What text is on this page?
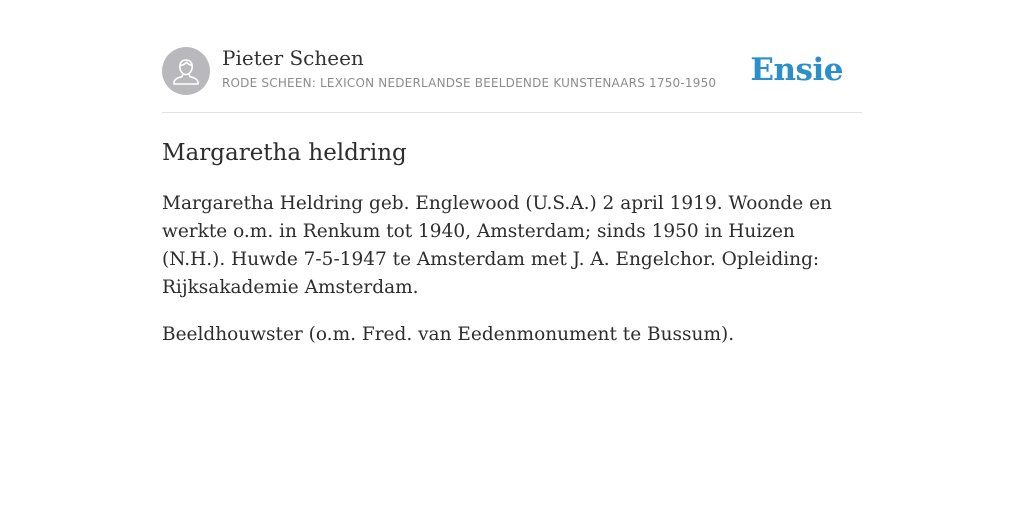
Pieter Scheen
RODE SCHEEN: LEXICON NEDERLANDSE BEELDENDE KUNSTENAARS 1750-1950 Ensie
Margaretha heldring

Margaretha Heldring geb. Englewood (U.S.A.) 2 april 1919. Woonde en werkte o.m. in Renkum tot 1940, Amsterdam; sinds 1950 in Huizen (N.H.). Huwde 7-5-1947 te Amsterdam met J. A. Engelchor. Opleiding: Rijksakademie Amsterdam.

Beeldhouwster (o.m. Fred. van Eedenmonument te Bussum).
